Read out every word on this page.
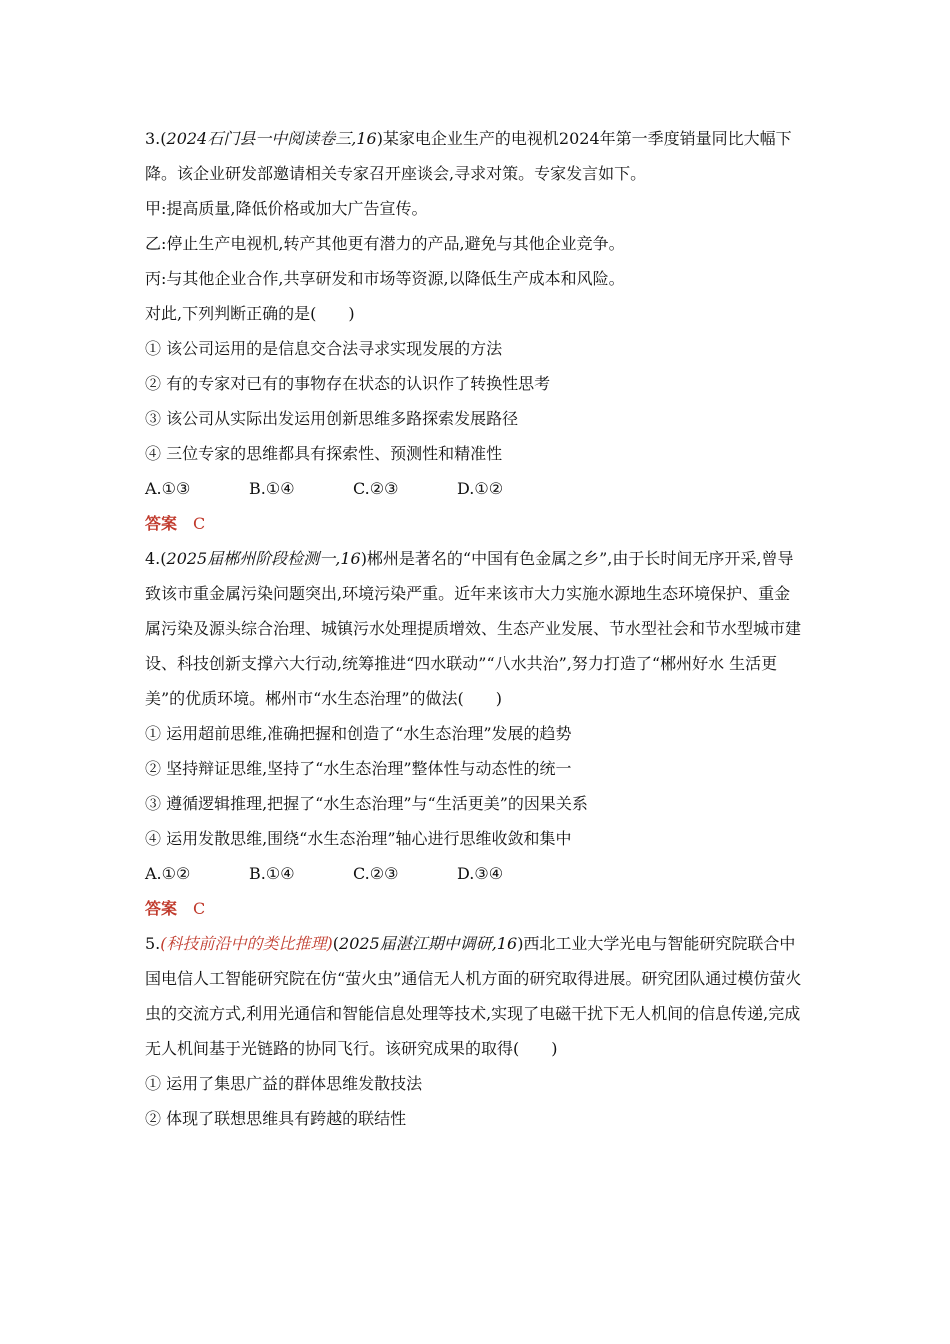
3.(2024石门县一中阅读卷三,16)某家电企业生产的电视机2024年第一季度销量同比大幅下降。该企业研发部邀请相关专家召开座谈会,寻求对策。专家发言如下。

甲:提高质量,降低价格或加大广告宣传。

乙:停止生产电视机,转产其他更有潜力的产品,避免与其他企业竞争。

丙:与其他企业合作,共享研发和市场等资源,以降低生产成本和风险。

对此,下列判断正确的是(　　)

① 该公司运用的是信息交合法寻求实现发展的方法

② 有的专家对已有的事物存在状态的认识作了转换性思考

③ 该公司从实际出发运用创新思维多路探索发展路径

④ 三位专家的思维都具有探索性、预测性和精准性

A.①③	B.①④	C.②③	D.①②

答案 C

4.(2025届郴州阶段检测一,16)郴州是著名的“中国有色金属之乡”,由于长时间无序开采,曾导致该市重金属污染问题突出,环境污染严重。近年来该市大力实施水源地生态环境保护、重金属污染及源头综合治理、城镇污水处理提质增效、生态产业发展、节水型社会和节水型城市建设、科技创新支撑六大行动,统筹推进“四水联动”“八水共治”,努力打造了“郴州好水 生活更美”的优质环境。郴州市“水生态治理”的做法(　　)

① 运用超前思维,准确把握和创造了“水生态治理”发展的趋势

② 坚持辩证思维,坚持了“水生态治理”整体性与动态性的统一

③ 遵循逻辑推理,把握了“水生态治理”与“生活更美”的因果关系

④ 运用发散思维,围绕“水生态治理”轴心进行思维收敛和集中

A.①②	B.①④	C.②③	D.③④

答案 C

5.(科技前沿中的类比推理)(2025届湛江期中调研,16)西北工业大学光电与智能研究院联合中国电信人工智能研究院在仿“萤火虫”通信无人机方面的研究取得进展。研究团队通过模仿萤火虫的交流方式,利用光通信和智能信息处理等技术,实现了电磁干扰下无人机间的信息传递,完成无人机间基于光链路的协同飞行。该研究成果的取得(　　)

① 运用了集思广益的群体思维发散技法

② 体现了联想思维具有跨越的联结性
